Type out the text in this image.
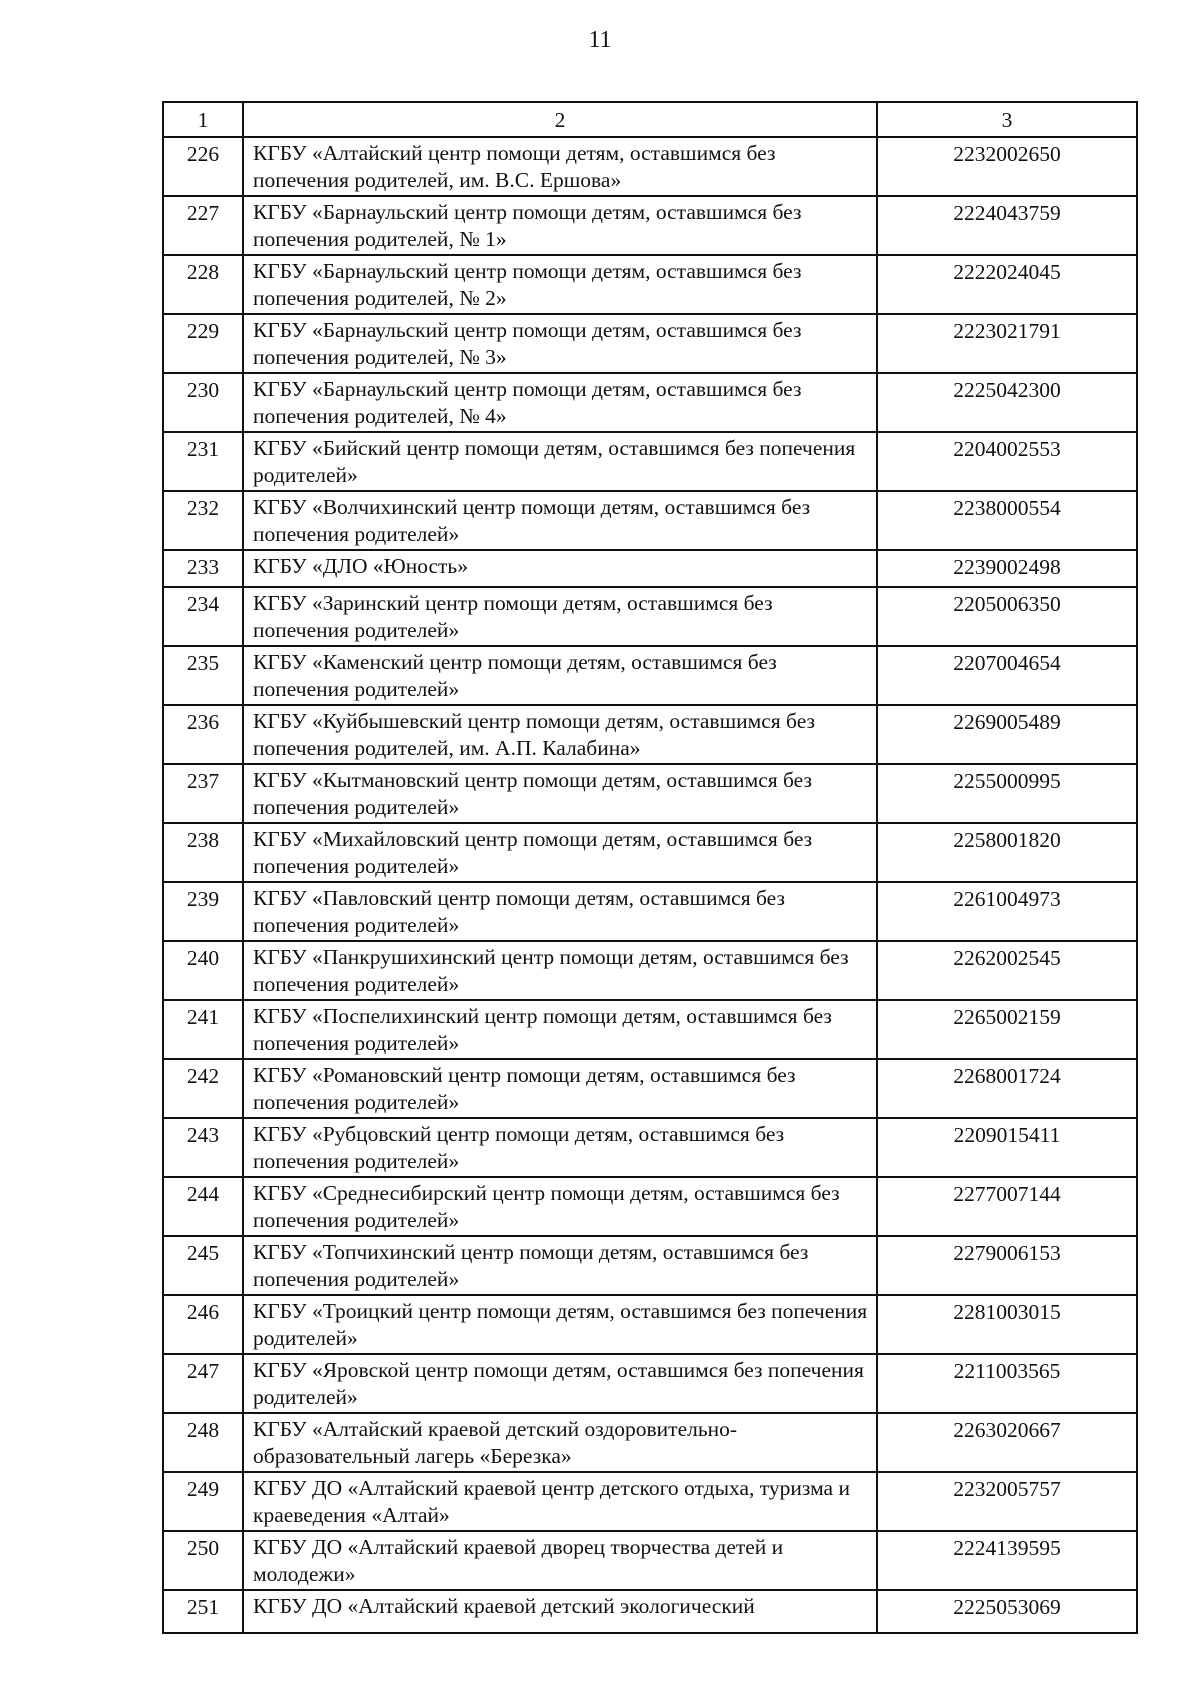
11
1	2	3
226	КГБУ «Алтайский центр помощи детям, оставшимся без попечения родителей, им. В.С. Ершова»	2232002650
227	КГБУ «Барнаульский центр помощи детям, оставшимся без попечения родителей, № 1»	2224043759
228	КГБУ «Барнаульский центр помощи детям, оставшимся без попечения родителей, № 2»	2222024045
229	КГБУ «Барнаульский центр помощи детям, оставшимся без попечения родителей, № 3»	2223021791
230	КГБУ «Барнаульский центр помощи детям, оставшимся без попечения родителей, № 4»	2225042300
231	КГБУ «Бийский центр помощи детям, оставшимся без попечения родителей»	2204002553
232	КГБУ «Волчихинский центр помощи детям, оставшимся без попечения родителей»	2238000554
233	КГБУ «ДЛО «Юность»	2239002498
234	КГБУ «Заринский центр помощи детям, оставшимся без попечения родителей»	2205006350
235	КГБУ «Каменский центр помощи детям, оставшимся без попечения родителей»	2207004654
236	КГБУ «Куйбышевский центр помощи детям, оставшимся без попечения родителей, им. А.П. Калабина»	2269005489
237	КГБУ «Кытмановский центр помощи детям, оставшимся без попечения родителей»	2255000995
238	КГБУ «Михайловский центр помощи детям, оставшимся без попечения родителей»	2258001820
239	КГБУ «Павловский центр помощи детям, оставшимся без попечения родителей»	2261004973
240	КГБУ «Панкрушихинский центр помощи детям, оставшимся без попечения родителей»	2262002545
241	КГБУ «Поспелихинский центр помощи детям, оставшимся без попечения родителей»	2265002159
242	КГБУ «Романовский центр помощи детям, оставшимся без попечения родителей»	2268001724
243	КГБУ «Рубцовский центр помощи детям, оставшимся без попечения родителей»	2209015411
244	КГБУ «Среднесибирский центр помощи детям, оставшимся без попечения родителей»	2277007144
245	КГБУ «Топчихинский центр помощи детям, оставшимся без попечения родителей»	2279006153
246	КГБУ «Троицкий центр помощи детям, оставшимся без попечения родителей»	2281003015
247	КГБУ «Яровской центр помощи детям, оставшимся без попечения родителей»	2211003565
248	КГБУ «Алтайский краевой детский оздоровительно-образовательный лагерь «Березка»	2263020667
249	КГБУ ДО «Алтайский краевой центр детского отдыха, туризма и краеведения «Алтай»	2232005757
250	КГБУ ДО «Алтайский краевой дворец творчества детей и молодежи»	2224139595
251	КГБУ ДО «Алтайский краевой детский экологический	2225053069
